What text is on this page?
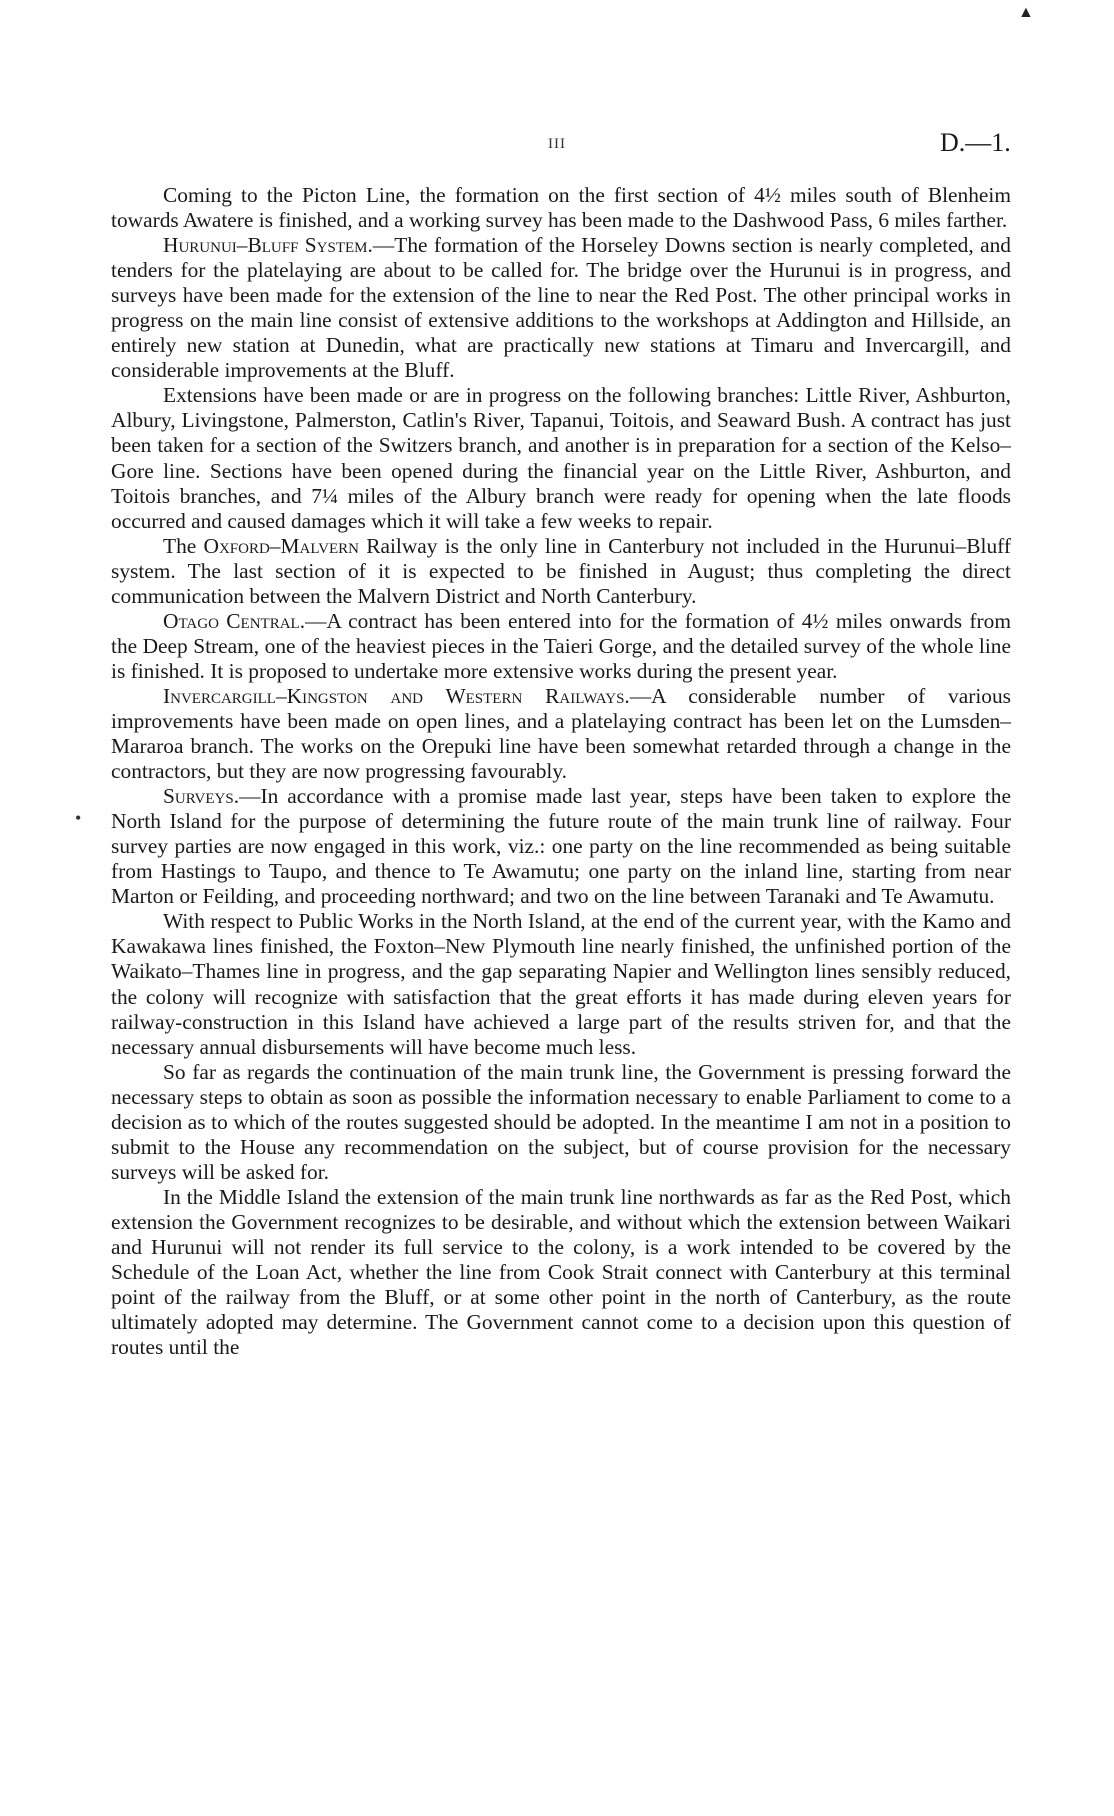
▲
III	D.—1.
•

Coming to the Picton Line, the formation on the first section of 4½ miles south of Blenheim towards Awatere is finished, and a working survey has been made to the Dashwood Pass, 6 miles farther.

Hurunui–Bluff System.—The formation of the Horseley Downs section is nearly completed, and tenders for the platelaying are about to be called for. The bridge over the Hurunui is in progress, and surveys have been made for the extension of the line to near the Red Post. The other principal works in progress on the main line consist of extensive additions to the workshops at Addington and Hillside, an entirely new station at Dunedin, what are practically new stations at Timaru and Invercargill, and considerable improvements at the Bluff.

Extensions have been made or are in progress on the following branches: Little River, Ashburton, Albury, Livingstone, Palmerston, Catlin's River, Tapanui, Toitois, and Seaward Bush. A contract has just been taken for a section of the Switzers branch, and another is in preparation for a section of the Kelso–Gore line. Sections have been opened during the financial year on the Little River, Ashburton, and Toitois branches, and 7¼ miles of the Albury branch were ready for opening when the late floods occurred and caused damages which it will take a few weeks to repair.

The Oxford–Malvern Railway is the only line in Canterbury not included in the Hurunui–Bluff system. The last section of it is expected to be finished in August; thus completing the direct communication between the Malvern District and North Canterbury.

Otago Central.—A contract has been entered into for the formation of 4½ miles onwards from the Deep Stream, one of the heaviest pieces in the Taieri Gorge, and the detailed survey of the whole line is finished. It is proposed to undertake more extensive works during the present year.

Invercargill–Kingston and Western Railways.—A considerable number of various improvements have been made on open lines, and a platelaying contract has been let on the Lumsden–Mararoa branch. The works on the Orepuki line have been somewhat retarded through a change in the contractors, but they are now progressing favourably.

Surveys.—In accordance with a promise made last year, steps have been taken to explore the North Island for the purpose of determining the future route of the main trunk line of railway. Four survey parties are now engaged in this work, viz.: one party on the line recommended as being suitable from Hastings to Taupo, and thence to Te Awamutu; one party on the inland line, starting from near Marton or Feilding, and proceeding northward; and two on the line between Taranaki and Te Awamutu.

With respect to Public Works in the North Island, at the end of the current year, with the Kamo and Kawakawa lines finished, the Foxton–New Plymouth line nearly finished, the unfinished portion of the Waikato–Thames line in progress, and the gap separating Napier and Wellington lines sensibly reduced, the colony will recognize with satisfaction that the great efforts it has made during eleven years for railway-construction in this Island have achieved a large part of the results striven for, and that the necessary annual disbursements will have become much less.

So far as regards the continuation of the main trunk line, the Government is pressing forward the necessary steps to obtain as soon as possible the information necessary to enable Parliament to come to a decision as to which of the routes suggested should be adopted. In the meantime I am not in a position to submit to the House any recommendation on the subject, but of course provision for the necessary surveys will be asked for.

In the Middle Island the extension of the main trunk line northwards as far as the Red Post, which extension the Government recognizes to be desirable, and without which the extension between Waikari and Hurunui will not render its full service to the colony, is a work intended to be covered by the Schedule of the Loan Act, whether the line from Cook Strait connect with Canterbury at this terminal point of the railway from the Bluff, or at some other point in the north of Canterbury, as the route ultimately adopted may determine. The Government cannot come to a decision upon this question of routes until the
